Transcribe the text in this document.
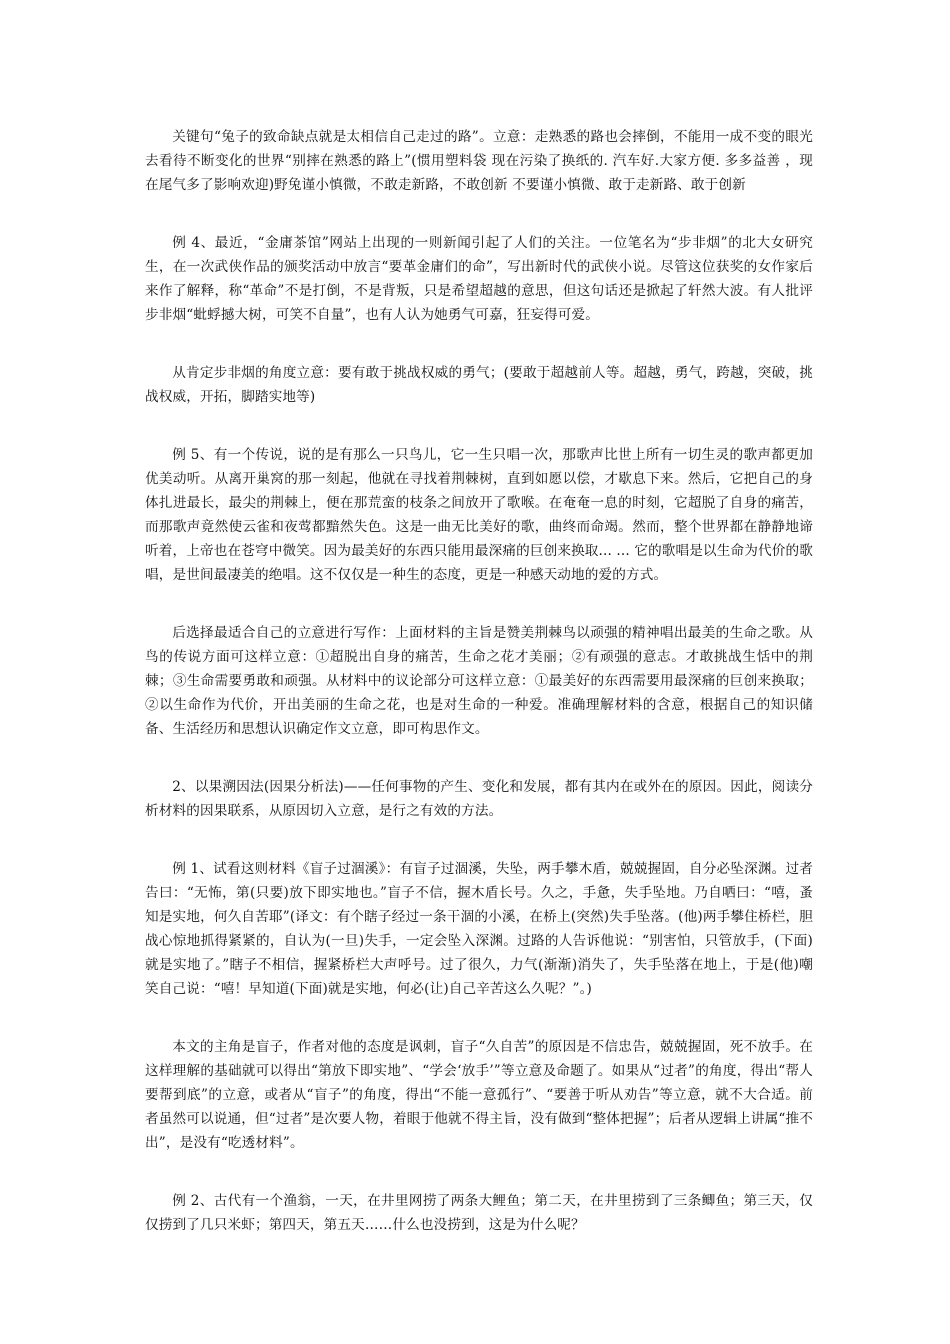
关键句“兔子的致命缺点就是太相信自己走过的路”。立意：走熟悉的路也会摔倒，不能用一成不变的眼光去看待不断变化的世界“别摔在熟悉的路上”(惯用塑料袋 现在污染了换纸的. 汽车好.大家方便. 多多益善 ，现在尾气多了影响欢迎)野兔谨小慎微，不敢走新路，不敢创新 不要谨小慎微、敢于走新路、敢于创新

例 4、最近，“金庸茶馆”网站上出现的一则新闻引起了人们的关注。一位笔名为“步非烟”的北大女研究生，在一次武侠作品的颁奖活动中放言“要革金庸们的命”，写出新时代的武侠小说。尽管这位获奖的女作家后来作了解释，称“革命”不是打倒，不是背叛，只是希望超越的意思，但这句话还是掀起了轩然大波。有人批评步非烟“蚍蜉撼大树，可笑不自量”，也有人认为她勇气可嘉，狂妄得可爱。

从肯定步非烟的角度立意：要有敢于挑战权威的勇气；(要敢于超越前人等。超越，勇气，跨越，突破，挑战权威，开拓，脚踏实地等)

例 5、有一个传说，说的是有那么一只鸟儿，它一生只唱一次，那歌声比世上所有一切生灵的歌声都更加优美动听。从离开巢窝的那一刻起，他就在寻找着荆棘树，直到如愿以偿，才歇息下来。然后，它把自己的身体扎进最长，最尖的荆棘上，便在那荒蛮的枝条之间放开了歌喉。在奄奄一息的时刻，它超脱了自身的痛苦，而那歌声竟然使云雀和夜莺都黯然失色。这是一曲无比美好的歌，曲终而命竭。然而，整个世界都在静静地谛听着，上帝也在苍穹中微笑。因为最美好的东西只能用最深痛的巨创来换取... ... 它的歌唱是以生命为代价的歌唱，是世间最凄美的绝唱。这不仅仅是一种生的态度，更是一种感天动地的爱的方式。

后选择最适合自己的立意进行写作：上面材料的主旨是赞美荆棘鸟以顽强的精神唱出最美的生命之歌。从鸟的传说方面可这样立意：①超脱出自身的痛苦，生命之花才美丽；②有顽强的意志。才敢挑战生恬中的荆棘；③生命需要勇敢和顽强。从材料中的议论部分可这样立意：①最美好的东西需要用最深痛的巨创来换取；②以生命作为代价，开出美丽的生命之花，也是对生命的一种爱。准确理解材料的含意，根据自己的知识储备、生活经历和思想认识确定作文立意，即可构思作文。

2、以果溯因法(因果分析法)——任何事物的产生、变化和发展，都有其内在或外在的原因。因此，阅读分析材料的因果联系，从原因切入立意，是行之有效的方法。

例 1、试看这则材料《盲子过涸溪》：有盲子过涸溪，失坠，两手攀木盾，兢兢握固，自分必坠深渊。过者告曰：“无怖，第(只要)放下即实地也。”盲子不信，握木盾长号。久之，手惫，失手坠地。乃自哂曰：“嘻，蚤知是实地，何久自苦耶”(译文：有个瞎子经过一条干涸的小溪，在桥上(突然)失手坠落。(他)两手攀住桥栏，胆战心惊地抓得紧紧的，自认为(一旦)失手，一定会坠入深渊。过路的人告诉他说：“别害怕，只管放手，(下面)就是实地了。”瞎子不相信，握紧桥栏大声呼号。过了很久，力气(渐渐)消失了，失手坠落在地上，于是(他)嘲笑自己说：“嘻！早知道(下面)就是实地，何必(让)自己辛苦这么久呢？”。)

本文的主角是盲子，作者对他的态度是讽刺，盲子“久自苦”的原因是不信忠告，兢兢握固，死不放手。在这样理解的基础就可以得出“第放下即实地”、“学会‘放手’”等立意及命题了。如果从“过者”的角度，得出“帮人要帮到底”的立意，或者从“盲子”的角度，得出“不能一意孤行”、“要善于听从劝告”等立意，就不大合适。前者虽然可以说通，但“过者”是次要人物，着眼于他就不得主旨，没有做到“整体把握”；后者从逻辑上讲属“推不出”，是没有“吃透材料”。

例 2、古代有一个渔翁，一天，在井里网捞了两条大鲤鱼；第二天，在井里捞到了三条鲫鱼；第三天，仅仅捞到了几只米虾；第四天，第五天……什么也没捞到，这是为什么呢？
